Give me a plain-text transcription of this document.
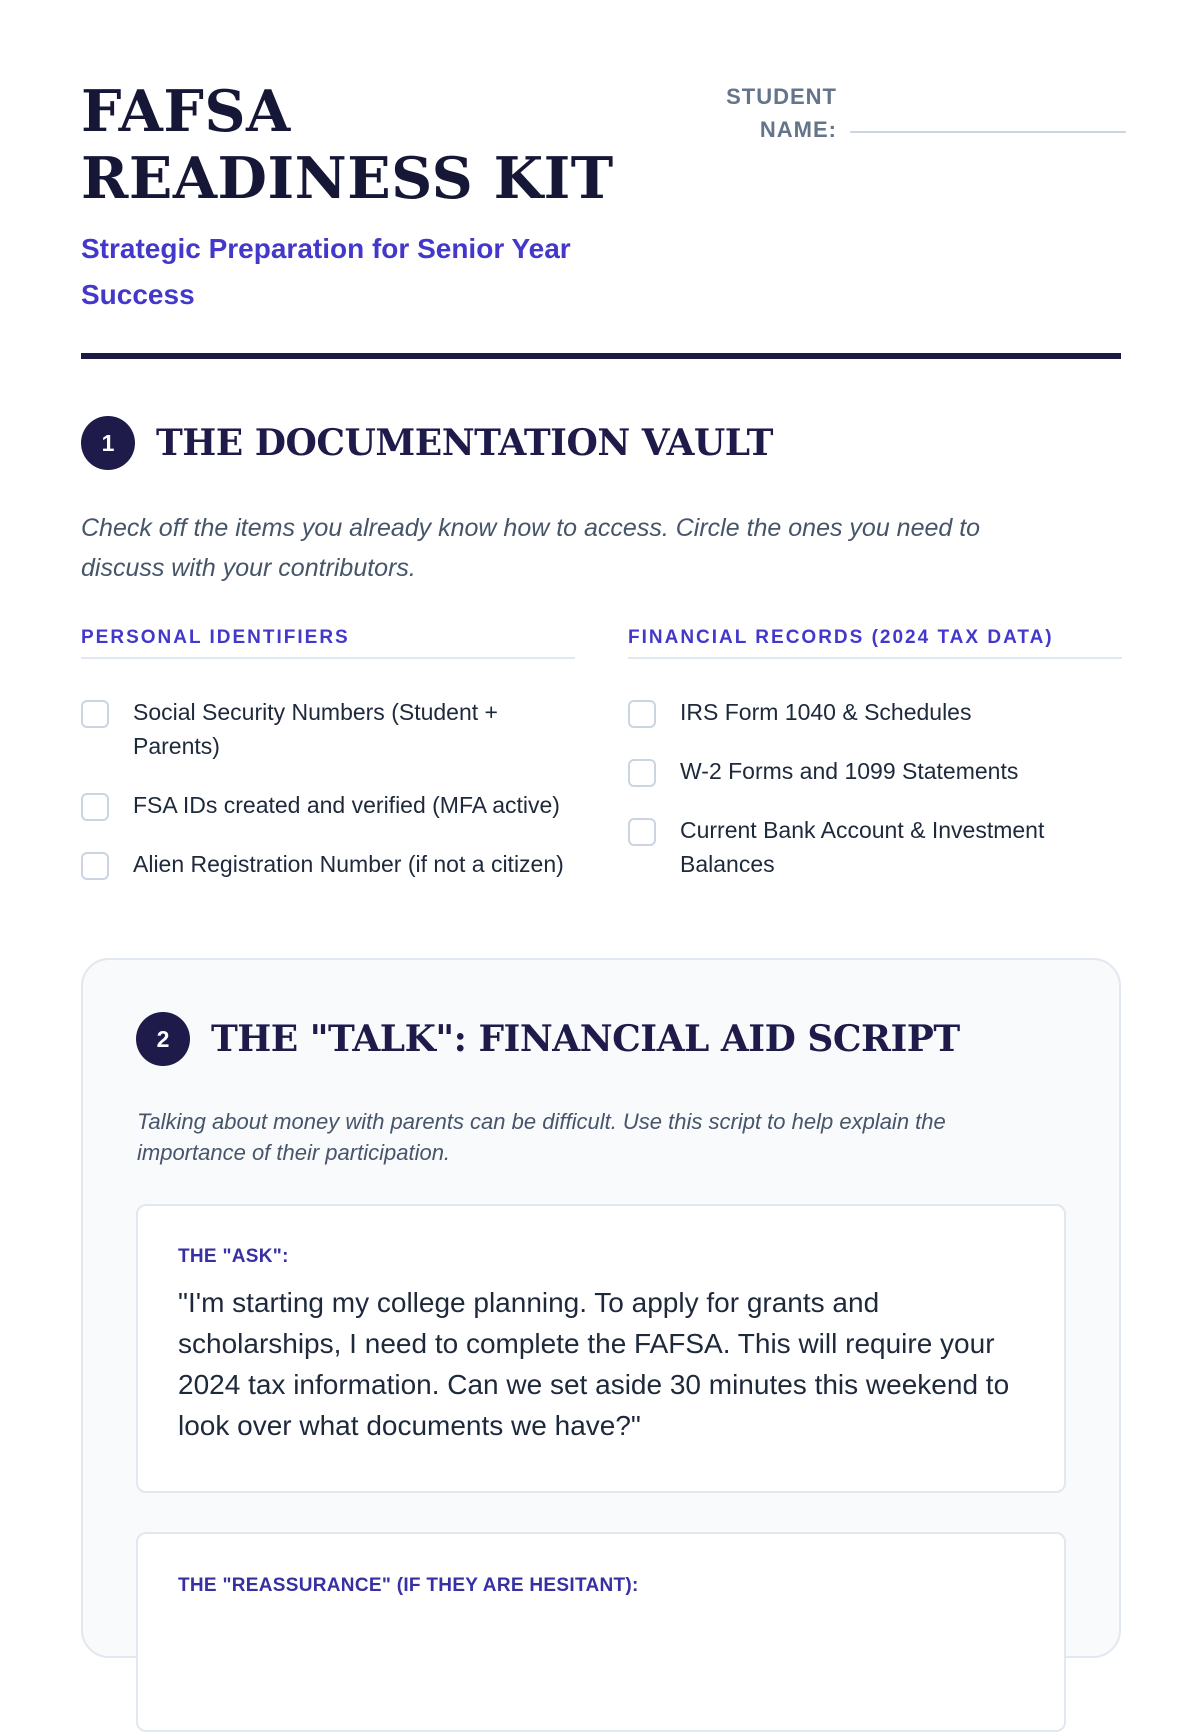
FAFSA READINESS KIT
Strategic Preparation for Senior Year Success
STUDENT NAME:
1	THE DOCUMENTATION VAULT
Check off the items you already know how to access. Circle the ones you need to discuss with your contributors.
PERSONAL IDENTIFIERS
Social Security Numbers (Student + Parents)
FSA IDs created and verified (MFA active)
Alien Registration Number (if not a citizen)
FINANCIAL RECORDS (2024 TAX DATA)
IRS Form 1040 & Schedules
W-2 Forms and 1099 Statements
Current Bank Account & Investment Balances
2	THE "TALK": FINANCIAL AID SCRIPT
Talking about money with parents can be difficult. Use this script to help explain the importance of their participation.
THE "ASK":
"I'm starting my college planning. To apply for grants and scholarships, I need to complete the FAFSA. This will require your 2024 tax information. Can we set aside 30 minutes this weekend to look over what documents we have?"
THE "REASSURANCE" (IF THEY ARE HESITANT):
